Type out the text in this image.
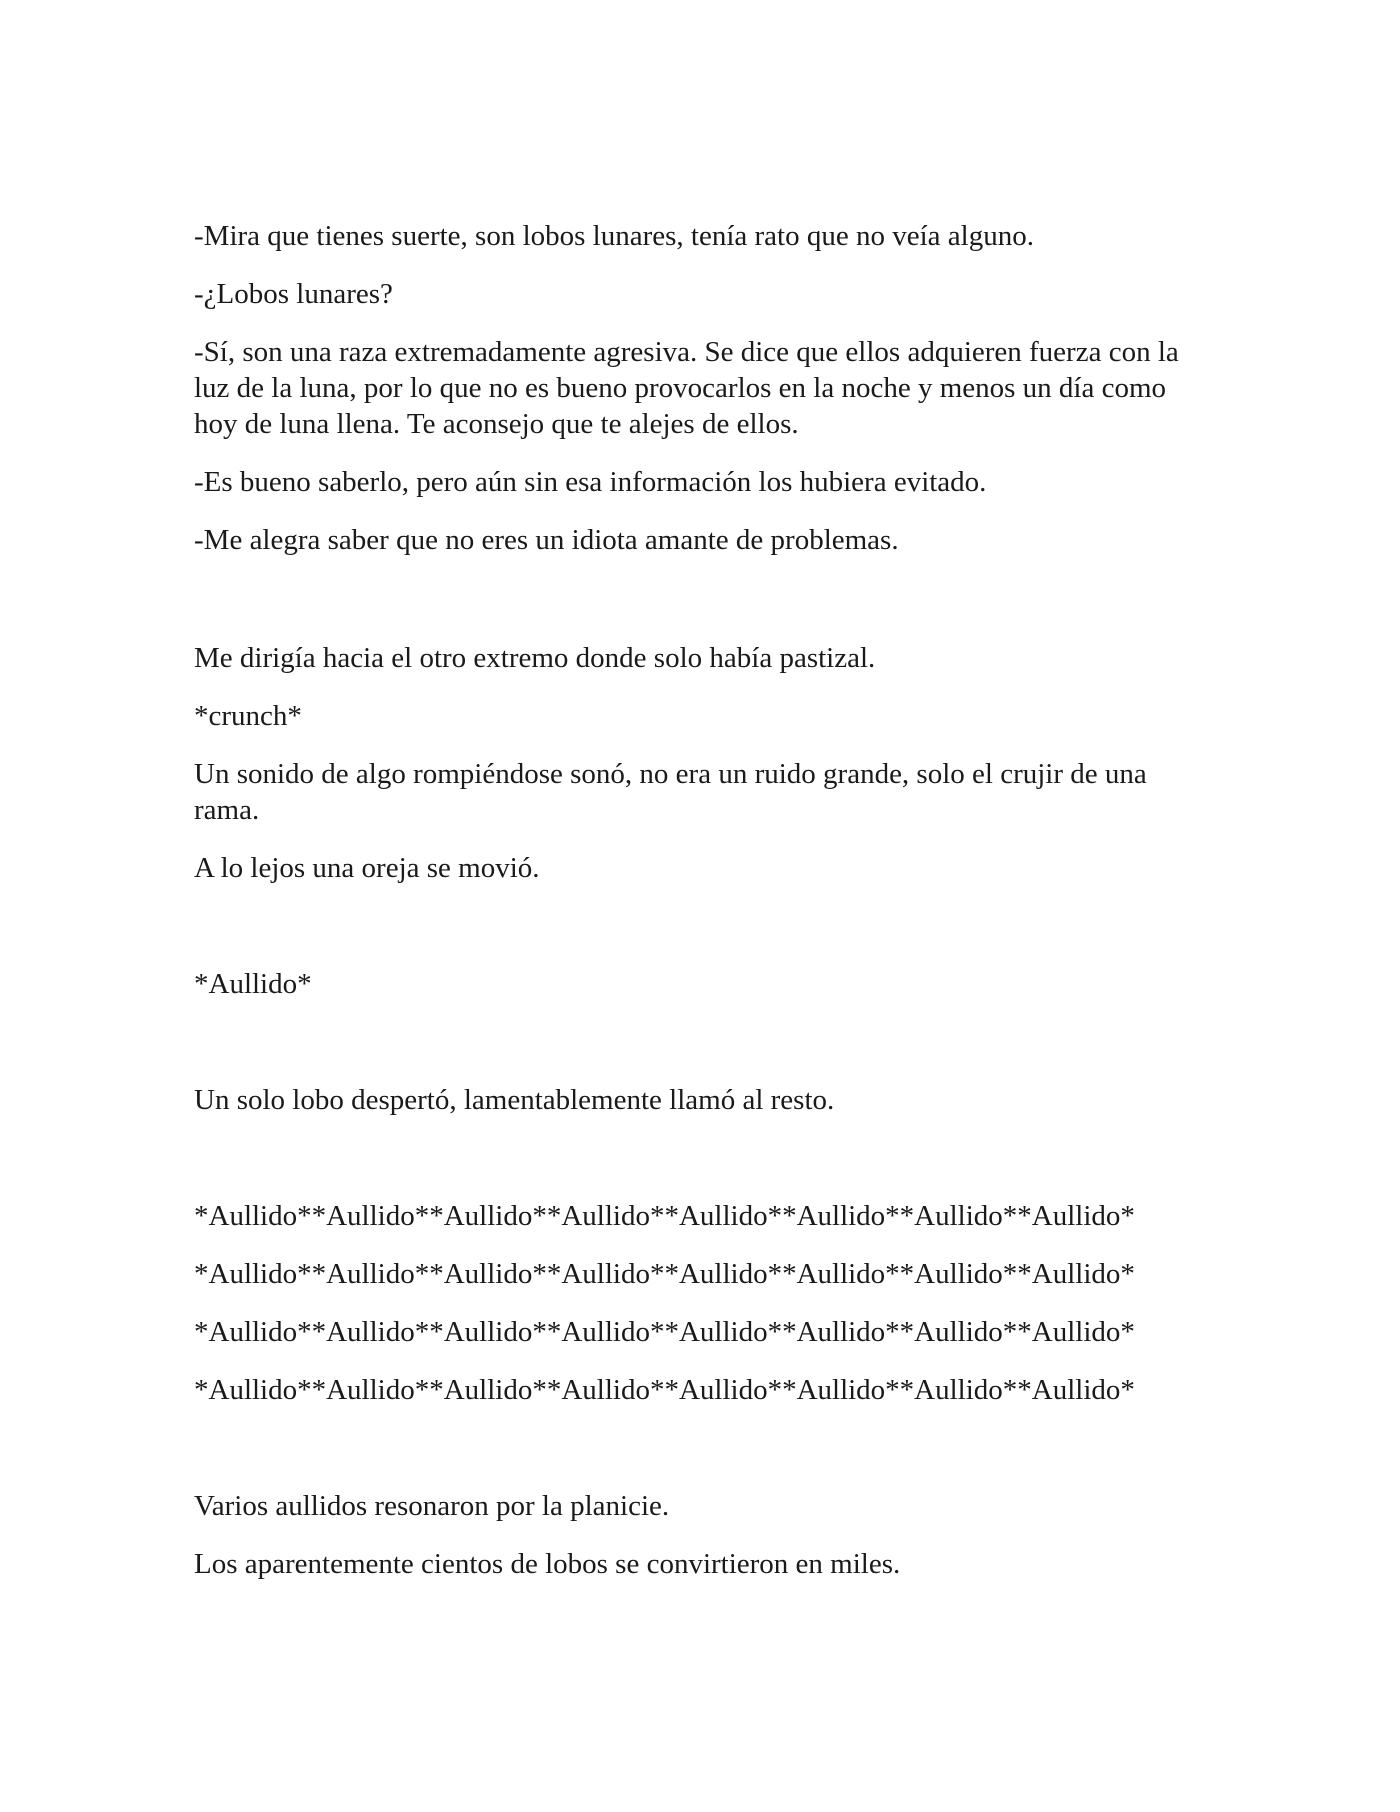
-Mira que tienes suerte, son lobos lunares, tenía rato que no veía alguno.

-¿Lobos lunares?

-Sí, son una raza extremadamente agresiva. Se dice que ellos adquieren fuerza con la luz de la luna, por lo que no es bueno provocarlos en la noche y menos un día como hoy de luna llena. Te aconsejo que te alejes de ellos.

-Es bueno saberlo, pero aún sin esa información los hubiera evitado.

-Me alegra saber que no eres un idiota amante de problemas.

Me dirigía hacia el otro extremo donde solo había pastizal.

*crunch*

Un sonido de algo rompiéndose sonó, no era un ruido grande, solo el crujir de una rama.

A lo lejos una oreja se movió.

*Aullido*

Un solo lobo despertó, lamentablemente llamó al resto.

*Aullido**Aullido**Aullido**Aullido**Aullido**Aullido**Aullido**Aullido*

*Aullido**Aullido**Aullido**Aullido**Aullido**Aullido**Aullido**Aullido*

*Aullido**Aullido**Aullido**Aullido**Aullido**Aullido**Aullido**Aullido*

*Aullido**Aullido**Aullido**Aullido**Aullido**Aullido**Aullido**Aullido*

Varios aullidos resonaron por la planicie.

Los aparentemente cientos de lobos se convirtieron en miles.
